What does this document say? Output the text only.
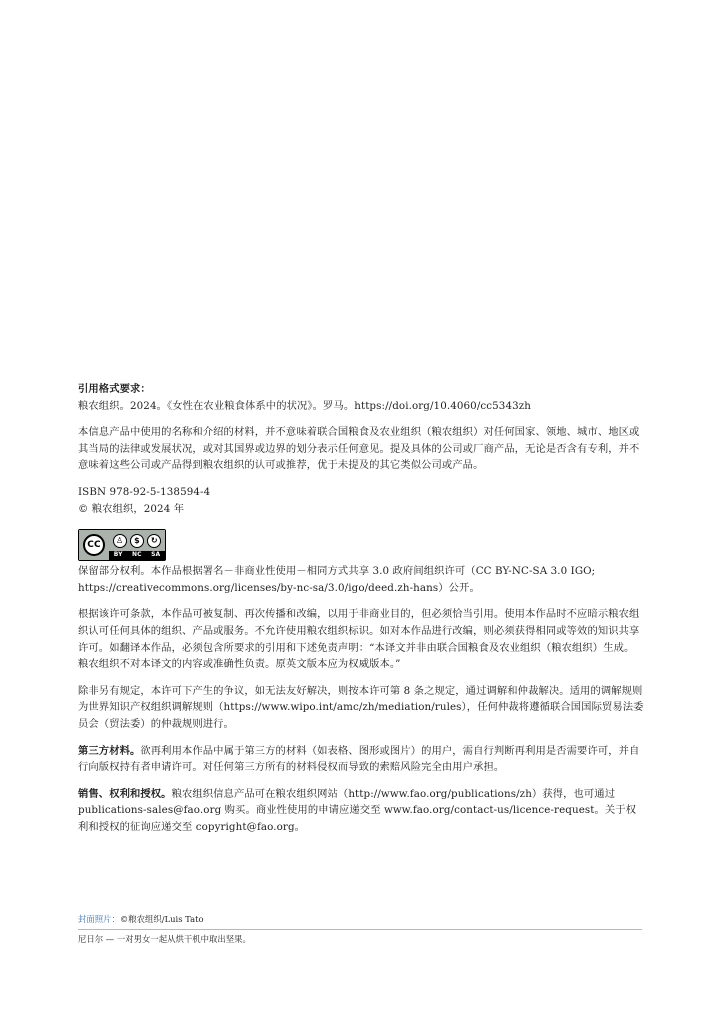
引用格式要求：

粮农组织。2024。《女性在农业粮食体系中的状况》。罗马。https://doi.org/10.4060/cc5343zh

本信息产品中使用的名称和介绍的材料，并不意味着联合国粮食及农业组织（粮农组织）对任何国家、领地、城市、地区或其当局的法律或发展状况，或对其国界或边界的划分表示任何意见。提及具体的公司或厂商产品，无论是否含有专利，并不意味着这些公司或产品得到粮农组织的认可或推荐，优于未提及的其它类似公司或产品。

ISBN 978-92-5-138594-4

© 粮农组织，2024 年

CC	♙	$	↻
BY NC SA

保留部分权利。本作品根据署名－非商业性使用－相同方式共享 3.0 政府间组织许可（CC BY-NC-SA 3.0 IGO; https://creativecommons.org/licenses/by-nc-sa/3.0/igo/deed.zh-hans）公开。

根据该许可条款，本作品可被复制、再次传播和改编，以用于非商业目的，但必须恰当引用。使用本作品时不应暗示粮农组织认可任何具体的组织、产品或服务。不允许使用粮农组织标识。如对本作品进行改编，则必须获得相同或等效的知识共享许可。如翻译本作品，必须包含所要求的引用和下述免责声明：“本译文并非由联合国粮食及农业组织（粮农组织）生成。粮农组织不对本译文的内容或准确性负责。原英文版本应为权威版本。”

除非另有规定，本许可下产生的争议，如无法友好解决，则按本许可第 8 条之规定，通过调解和仲裁解决。适用的调解规则为世界知识产权组织调解规则（https://www.wipo.int/amc/zh/mediation/rules），任何仲裁将遵循联合国国际贸易法委员会（贸法委）的仲裁规则进行。

第三方材料。欲再利用本作品中属于第三方的材料（如表格、图形或图片）的用户，需自行判断再利用是否需要许可，并自行向版权持有者申请许可。对任何第三方所有的材料侵权而导致的索赔风险完全由用户承担。

销售、权利和授权。粮农组织信息产品可在粮农组织网站（http://www.fao.org/publications/zh）获得，也可通过 publications-sales@fao.org 购买。商业性使用的申请应递交至 www.fao.org/contact-us/licence-request。关于权利和授权的征询应递交至 copyright@fao.org。

封面照片：©粮农组织/Luis Tato

尼日尔 — 一对男女一起从烘干机中取出坚果。
